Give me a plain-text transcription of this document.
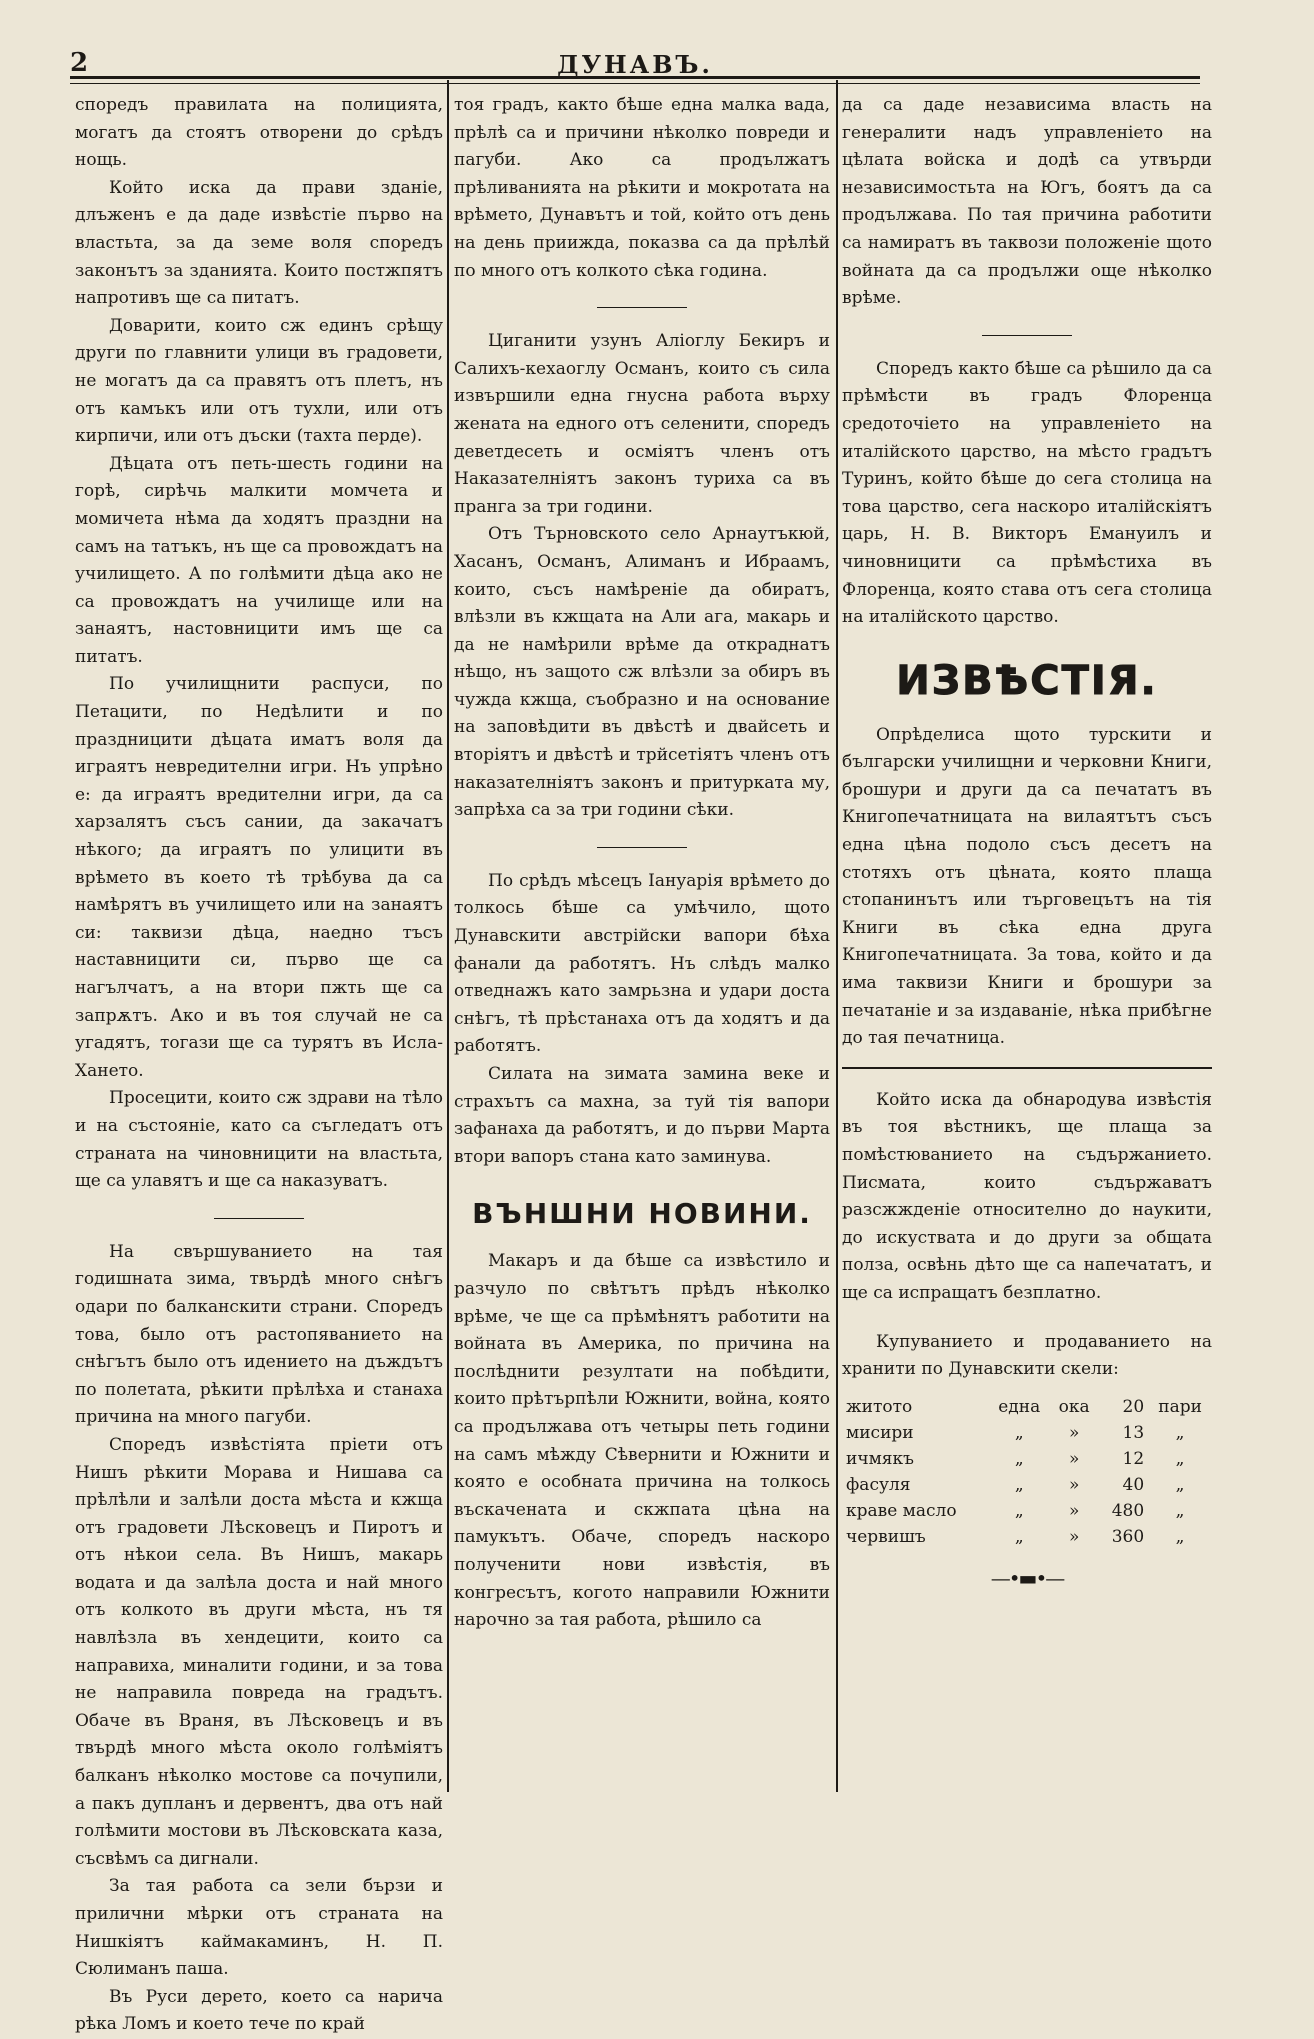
2	ДУНАВЪ.

споредъ правилата на полицията, могатъ да стоятъ отворени до срѣдъ нощь.

Който иска да прави зданіе, длъженъ е да даде извѣстіе първо на властьта, за да земе воля споредъ законътъ за зданията. Които постжпятъ напротивъ ще са питатъ.

Доварити, които сж единъ срѣщу други по главнити улици въ градовети, не могатъ да са правятъ отъ плетъ, нъ отъ камъкъ или отъ тухли, или отъ кирпичи, или отъ дъски (тахта перде).

Дѣцата отъ петь-шесть години на горѣ, сирѣчь малкити момчета и момичета нѣма да ходятъ праздни на самъ на татъкъ, нъ ще са провождатъ на училището. А по голѣмити дѣца ако не са провождатъ на училище или на занаятъ, настовницити имъ ще са питатъ.

По училищнити распуси, по Петацити, по Недѣлити и по праздницити дѣцата иматъ воля да играятъ невредителни игри. Нъ упрѣно е: да играятъ вредителни игри, да са харзалятъ съсъ сании, да закачатъ нѣкого; да играятъ по улицити въ врѣмето въ което тѣ трѣбува да са намѣрятъ въ училището или на занаятъ си: таквизи дѣца, наедно тъсъ наставницити си, първо ще са нагълчатъ, а на втори пжть ще са запрѫтъ. Ако и въ тоя случай не са угадятъ, тогази ще са турятъ въ Исла-Хането.

Просецити, които сж здрави на тѣло и на състояніе, като са съгледатъ отъ страната на чиновницити на властьта, ще са улавятъ и ще са наказуватъ.

На свършуванието на тая годишната зима, твърдѣ много снѣгъ одари по балканскити страни. Споредъ това, было отъ растопяванието на снѣгътъ было отъ идението на дъждътъ по полетата, рѣкити прѣлѣха и станаха причина на много пагуби.

Споредъ извѣстіята пріети отъ Нишъ рѣкити Морава и Нишава са прѣлѣли и залѣли доста мѣста и кжща отъ градовети Лѣсковецъ и Пиротъ и отъ нѣкои села. Въ Нишъ, макарь водата и да залѣла доста и най много отъ колкото въ други мѣста, нъ тя навлѣзла въ хендецити, които са направиха, миналити години, и за това не направила повреда на градътъ. Обаче въ Враня, въ Лѣсковецъ и въ твърдѣ много мѣста около голѣміятъ балканъ нѣколко мостове са почупили, а пакъ дупланъ и дервентъ, два отъ най голѣмити мостови въ Лѣсковската каза, съсвѣмъ са дигнали.

За тая работа са зели бързи и прилични мѣрки отъ страната на Нишкіятъ каймакаминъ, Н. П. Сюлиманъ паша.

Въ Руси дерето, което са нарича рѣка Ломъ и което тече по край

тоя градъ, както бѣше една малка вада, прѣлѣ са и причини нѣколко повреди и пагуби. Ако са продължатъ прѣливанията на рѣкити и мокротата на врѣмето, Дунавътъ и той, който отъ день на день прииждa, показва са да прѣлѣй по много отъ колкото сѣка година.

Циганити узунъ Аліоглу Бекиръ и Салихъ-кехаоглу Османъ, които съ сила извършили една гнусна работа върху жената на едного отъ селенити, споредъ деветдесеть и осміятъ членъ отъ Наказателніятъ законъ туриха са въ пранга за три години.

Отъ Търновското село Арнаутъкюй, Хасанъ, Османъ, Алиманъ и Ибраамъ, които, съсъ намѣреніе да обиратъ, влѣзли въ кжщата на Али ага, макарь и да не намѣрили врѣме да откраднатъ нѣщо, нъ защото сж влѣзли за обиръ въ чужда кжща, съобразно и на основание на заповѣдити въ двѣстѣ и двайсеть и вторіятъ и двѣстѣ и трйсетіятъ членъ отъ наказателніятъ законъ и притурката му, запрѣха са за три години сѣки.

По срѣдъ мѣсецъ Іануарія врѣмето до толкось бѣше са умѣчило, щото Дунавскити австрійски вапори бѣха фанали да работятъ. Нъ слѣдъ малко отведнажъ като замрьзна и удари доста снѣгъ, тѣ прѣстанаха отъ да ходятъ и да работятъ.

Силата на зимата замина веке и страхътъ са махна, за туй тія вапори зафанаха да работятъ, и до първи Марта втори вапоръ стана като заминува.

ВЪНШНИ НОВИНИ.

Макаръ и да бѣше са извѣстило и разчуло по свѣтътъ прѣдъ нѣколко врѣме, че ще са прѣмѣнятъ работити на войната въ Америка, по причина на послѣднити резултати на побѣдити, които прѣтърпѣли Южнити, война, която са продължава отъ четыры петь години на самъ мѣжду Сѣвернити и Южнити и която е особната причина на толкось въскачената и скжпата цѣна на памукътъ. Обаче, споредъ наскоро полученити нови извѣстія, въ конгресътъ, когото направили Южнити нарочно за тая работа, рѣшило са

да са даде независима власть на генералити надъ управленіето на цѣлата войска и додѣ са утвърди независимостьта на Югъ, боятъ да са продължава. По тая причина работити са намиратъ въ таквози положеніе щото войната да са продължи още нѣколко врѣме.

Споредъ както бѣше са рѣшило да са прѣмѣсти въ градъ Флоренца средоточіето на управленіето на италійското царство, на мѣсто градътъ Туринъ, който бѣше до сега столица на това царство, сега наскоро италійскіятъ царь, Н. В. Викторъ Емануилъ и чиновницити са прѣмѣстиха въ Флоренца, която става отъ сега столица на италійското царство.

ИЗВѢСТІЯ.

Опрѣделиса щото турскити и български училищни и черковни Книги, брошури и други да са печататъ въ Книгопечатницата на вилаятътъ съсъ една цѣна подоло съсъ десетъ на стотяхъ отъ цѣната, която плаща стопанинътъ или търговецътъ на тія Книги въ сѣка една друга Книгопечатницата. За това, който и да има таквизи Книги и брошури за печатаніе и за издаваніе, нѣка прибѣгне до тая печатница.

Който иска да обнародува извѣстія въ тоя вѣстникъ, ще плаща за помѣстюванието на съдържанието. Писмата, които съдържаватъ разсжжденіе относително до наукити, до искуствата и до други за общата полза, освѣнь дѣто ще са напечататъ, и ще са испращатъ безплатно.

Купуванието и продаванието на хранити по Дунавскити скели:

житото	една	ока	20	пари
мисири	„	»	13	„
ичмякъ	„	»	12	„
фасуля	„	»	40	„
краве масло	„	»	480	„
червишъ	„	»	360	„
—•▬•—
